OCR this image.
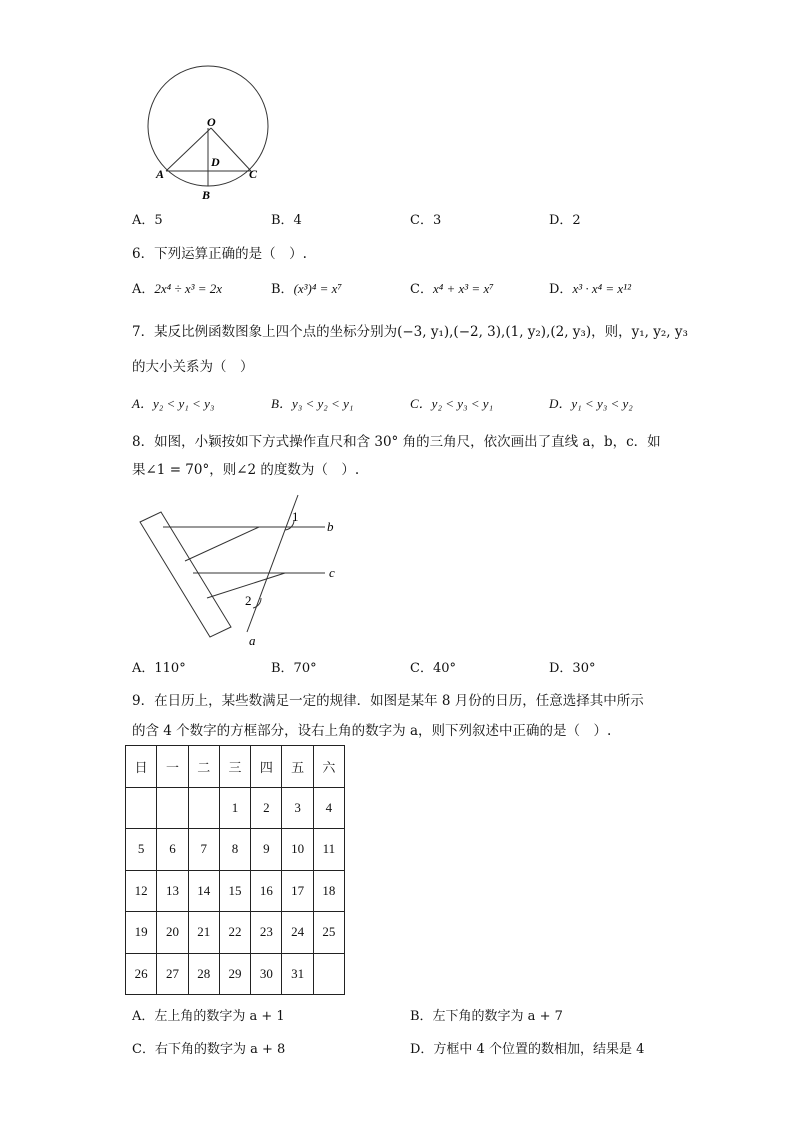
O
D
A	C
B
A．5	B．4	C．3	D．2
6．下列运算正确的是（　）.
A．2x⁴ ÷ x³ = 2x	B．(x³)⁴ = x⁷	C．x⁴ + x³ = x⁷	D．x³ · x⁴ = x¹²
7．某反比例函数图象上四个点的坐标分别为(−3, y₁),(−2, 3),(1, y₂),(2, y₃)，则，y₁, y₂, y₃
的大小关系为（　）
A．y₂ < y₁ < y₃	B．y₃ < y₂ < y₁	C．y₂ < y₃ < y₁	D．y₁ < y₃ < y₂
8．如图，小颖按如下方式操作直尺和含 30° 角的三角尺，依次画出了直线 a，b，c．如
果∠1 = 70°，则∠2 的度数为（　）.
1
2
b
c
a
A．110°	B．70°	C．40°	D．30°
9．在日历上，某些数满足一定的规律．如图是某年 8 月份的日历，任意选择其中所示
的含 4 个数字的方框部分，设右上角的数字为 a，则下列叙述中正确的是（　）.
日	一	二	三	四	五	六
			1	2	3	4
5	6	7	8	9	10	11
12	13	14	15	16	17	18
19	20	21	22	23	24	25
26	27	28	29	30	31	
A．左上角的数字为 a + 1	B．左下角的数字为 a + 7
C．右下角的数字为 a + 8	D．方框中 4 个位置的数相加，结果是 4
